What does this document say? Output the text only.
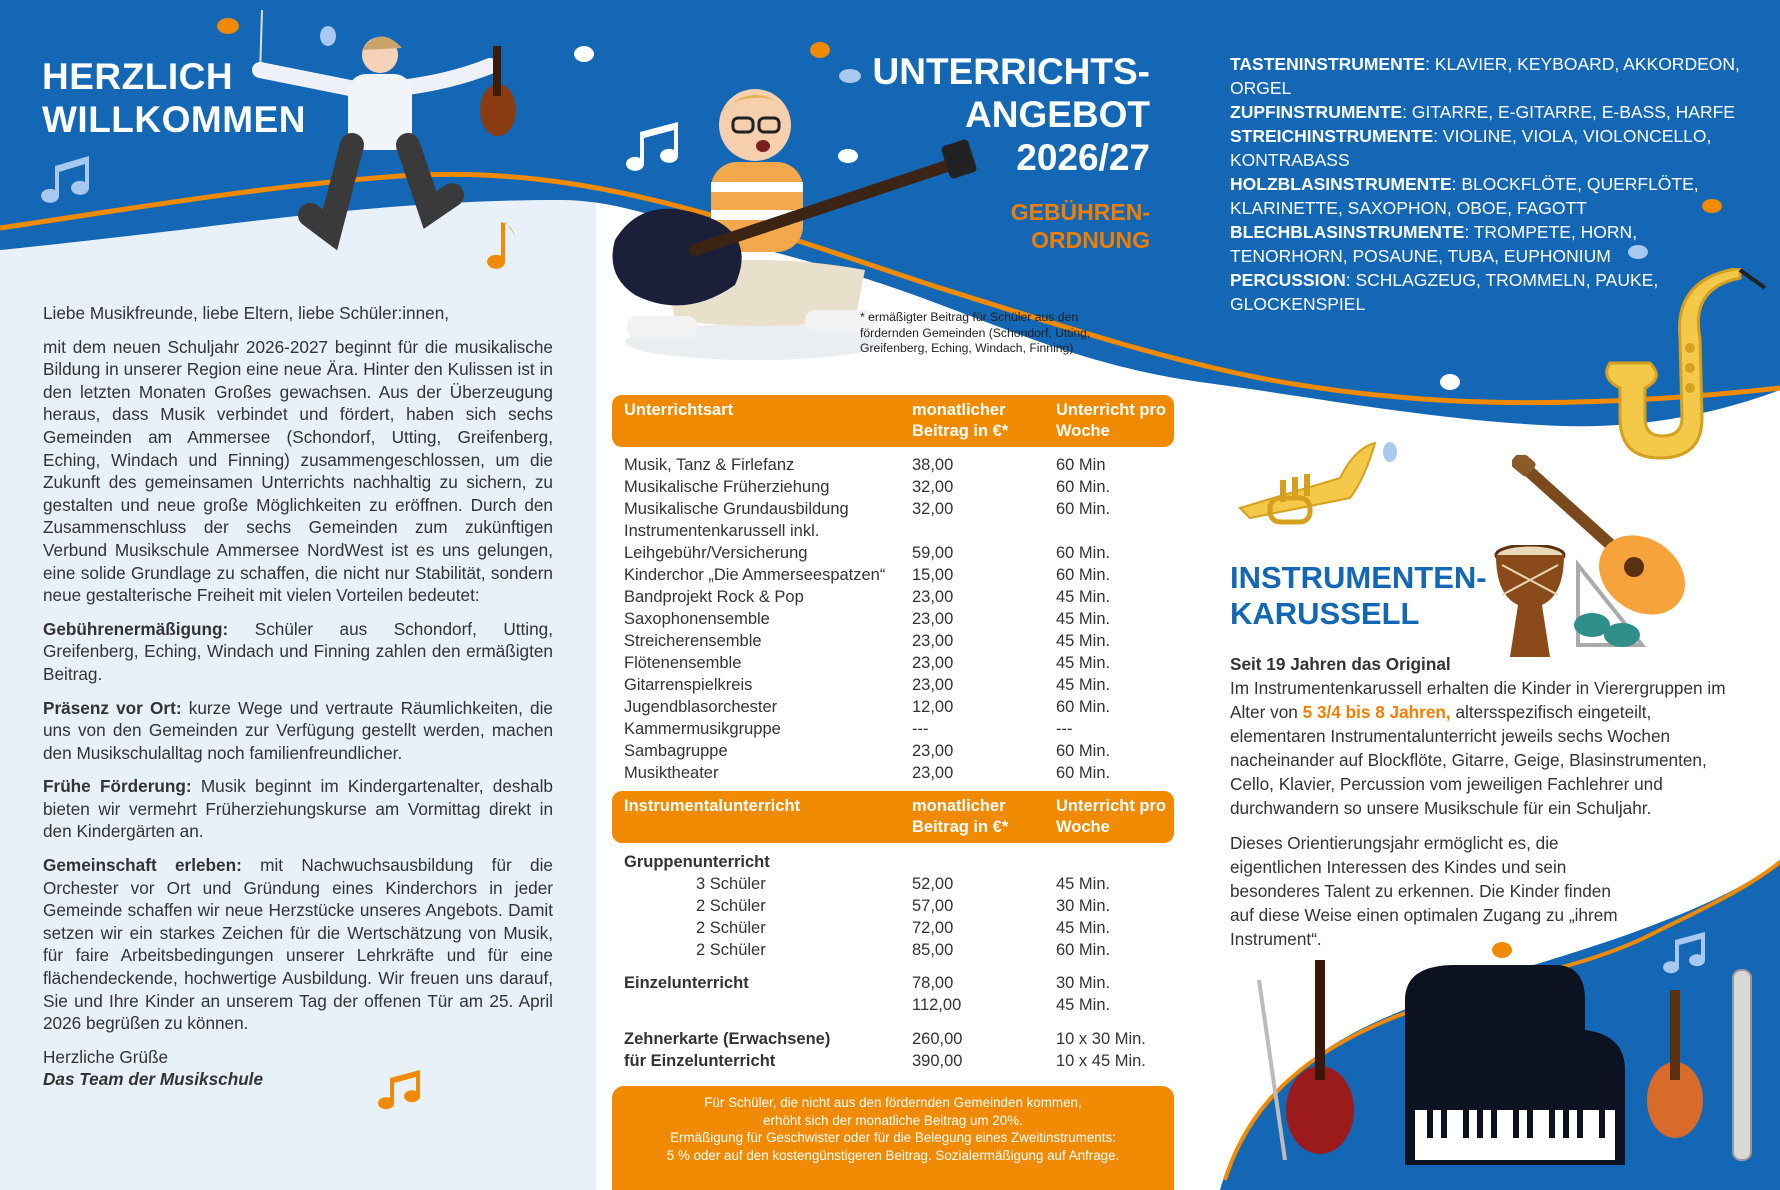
HERZLICH
WILLKOMMEN

Liebe Musikfreunde, liebe Eltern, liebe Schüler:innen,

mit dem neuen Schuljahr 2026-2027 beginnt für die musikalische Bildung in unserer Region eine neue Ära. Hinter den Kulissen ist in den letzten Monaten Großes gewachsen. Aus der Überzeugung heraus, dass Musik verbindet und fördert, haben sich sechs Gemeinden am Ammersee (Schondorf, Utting, Greifenberg, Eching, Windach und Finning) zusammengeschlossen, um die Zukunft des gemeinsamen Unterrichts nachhaltig zu sichern, zu gestalten und neue große Möglichkeiten zu eröffnen. Durch den Zusammenschluss der sechs Gemeinden zum zukünftigen Verbund Musikschule Ammersee NordWest ist es uns gelungen, eine solide Grundlage zu schaffen, die nicht nur Stabilität, sondern neue gestalterische Freiheit mit vielen Vorteilen bedeutet:

Gebührenermäßigung: Schüler aus Schondorf, Utting, Greifenberg, Eching, Windach und Finning zahlen den ermäßigten Beitrag.

Präsenz vor Ort: kurze Wege und vertraute Räumlichkeiten, die uns von den Gemeinden zur Verfügung gestellt werden, machen den Musikschulalltag noch familienfreundlicher.

Frühe Förderung: Musik beginnt im Kindergartenalter, deshalb bieten wir vermehrt Früherziehungskurse am Vormittag direkt in den Kindergärten an.

Gemeinschaft erleben: mit Nachwuchsausbildung für die Orchester vor Ort und Gründung eines Kinderchors in jeder Gemeinde schaffen wir neue Herzstücke unseres Angebots. Damit setzen wir ein starkes Zeichen für die Wertschätzung von Musik, für faire Arbeitsbedingungen unserer Lehrkräfte und für eine flächendeckende, hochwertige Ausbildung. Wir freuen uns darauf, Sie und Ihre Kinder an unserem Tag der offenen Tür am 25. April 2026 begrüßen zu können.

Herzliche Grüße
Das Team der Musikschule

UNTERRICHTS-
ANGEBOT
2026/27
GEBÜHREN-
ORDNUNG
* ermäßigter Beitrag für Schüler aus den fördernden Gemeinden (Schondorf, Utting, Greifenberg, Eching, Windach, Finning)
Unterrichtsart	monatlicher Beitrag in €*
Unterricht pro Woche
Musik, Tanz & Firlefanz	38,00	60 Min
Musikalische Früherziehung	32,00	60 Min.
Musikalische Grundausbildung	32,00	60 Min.
Instrumentenkarussell inkl.
Leihgebühr/Versicherung	59,00	60 Min.
Kinderchor „Die Ammerseespatzen“ 15,00	60 Min.
Bandprojekt Rock & Pop	23,00	45 Min.
Saxophonensemble	23,00	45 Min.
Streicherensemble	23,00	45 Min.
Flötenensemble	23,00	45 Min.
Gitarrenspielkreis	23,00	45 Min.
Jugendblasorchester	12,00	60 Min.
Kammermusikgruppe	---	---
Sambagruppe	23,00	60 Min.
Musiktheater	23,00	60 Min.
Instrumentalunterricht	monatlicher Beitrag in €*
Unterricht pro Woche
Gruppenunterricht
3 Schüler	52,00	45 Min.
2 Schüler	57,00	30 Min.
2 Schüler	72,00	45 Min.
2 Schüler	85,00	60 Min.
Einzelunterricht	78,00	30 Min.
112,00	45 Min.
Zehnerkarte (Erwachsene)	260,00	10 x 30 Min.
für Einzelunterricht	390,00	10 x 45 Min.
Für Schüler, die nicht aus den fördernden Gemeinden kommen,
erhöht sich der monatliche Beitrag um 20%.
Ermäßigung für Geschwister oder für die Belegung eines Zweitinstruments:
5 % oder auf den kostengünstigeren Beitrag. Sozialermäßigung auf Anfrage.
TASTENINSTRUMENTE: KLAVIER, KEYBOARD, AKKORDEON, ORGEL
ZUPFINSTRUMENTE: GITARRE, E-GITARRE, E-BASS, HARFE
STREICHINSTRUMENTE: VIOLINE, VIOLA, VIOLONCELLO, KONTRABASS
HOLZBLASINSTRUMENTE: BLOCKFLÖTE, QUERFLÖTE, KLARINETTE, SAXOPHON, OBOE, FAGOTT
BLECHBLASINSTRUMENTE: TROMPETE, HORN, TENORHORN, POSAUNE, TUBA, EUPHONIUM
PERCUSSION: SCHLAGZEUG, TROMMELN, PAUKE, GLOCKENSPIEL
INSTRUMENTEN-
KARUSSELL
Seit 19 Jahren das Original

Im Instrumentenkarussell erhalten die Kinder in Vierergruppen im Alter von 5 3/4 bis 8 Jahren, altersspezifisch eingeteilt, elementaren Instrumentalunterricht jeweils sechs Wochen nacheinander auf Blockflöte, Gitarre, Geige, Blasinstrumenten, Cello, Klavier, Percussion vom jeweiligen Fachlehrer und durchwandern so unsere Musikschule für ein Schuljahr.

Dieses Orientierungsjahr ermöglicht es, die eigentlichen Interessen des Kindes und sein besonderes Talent zu erkennen. Die Kinder finden auf diese Weise einen optimalen Zugang zu „ihrem Instrument“.
